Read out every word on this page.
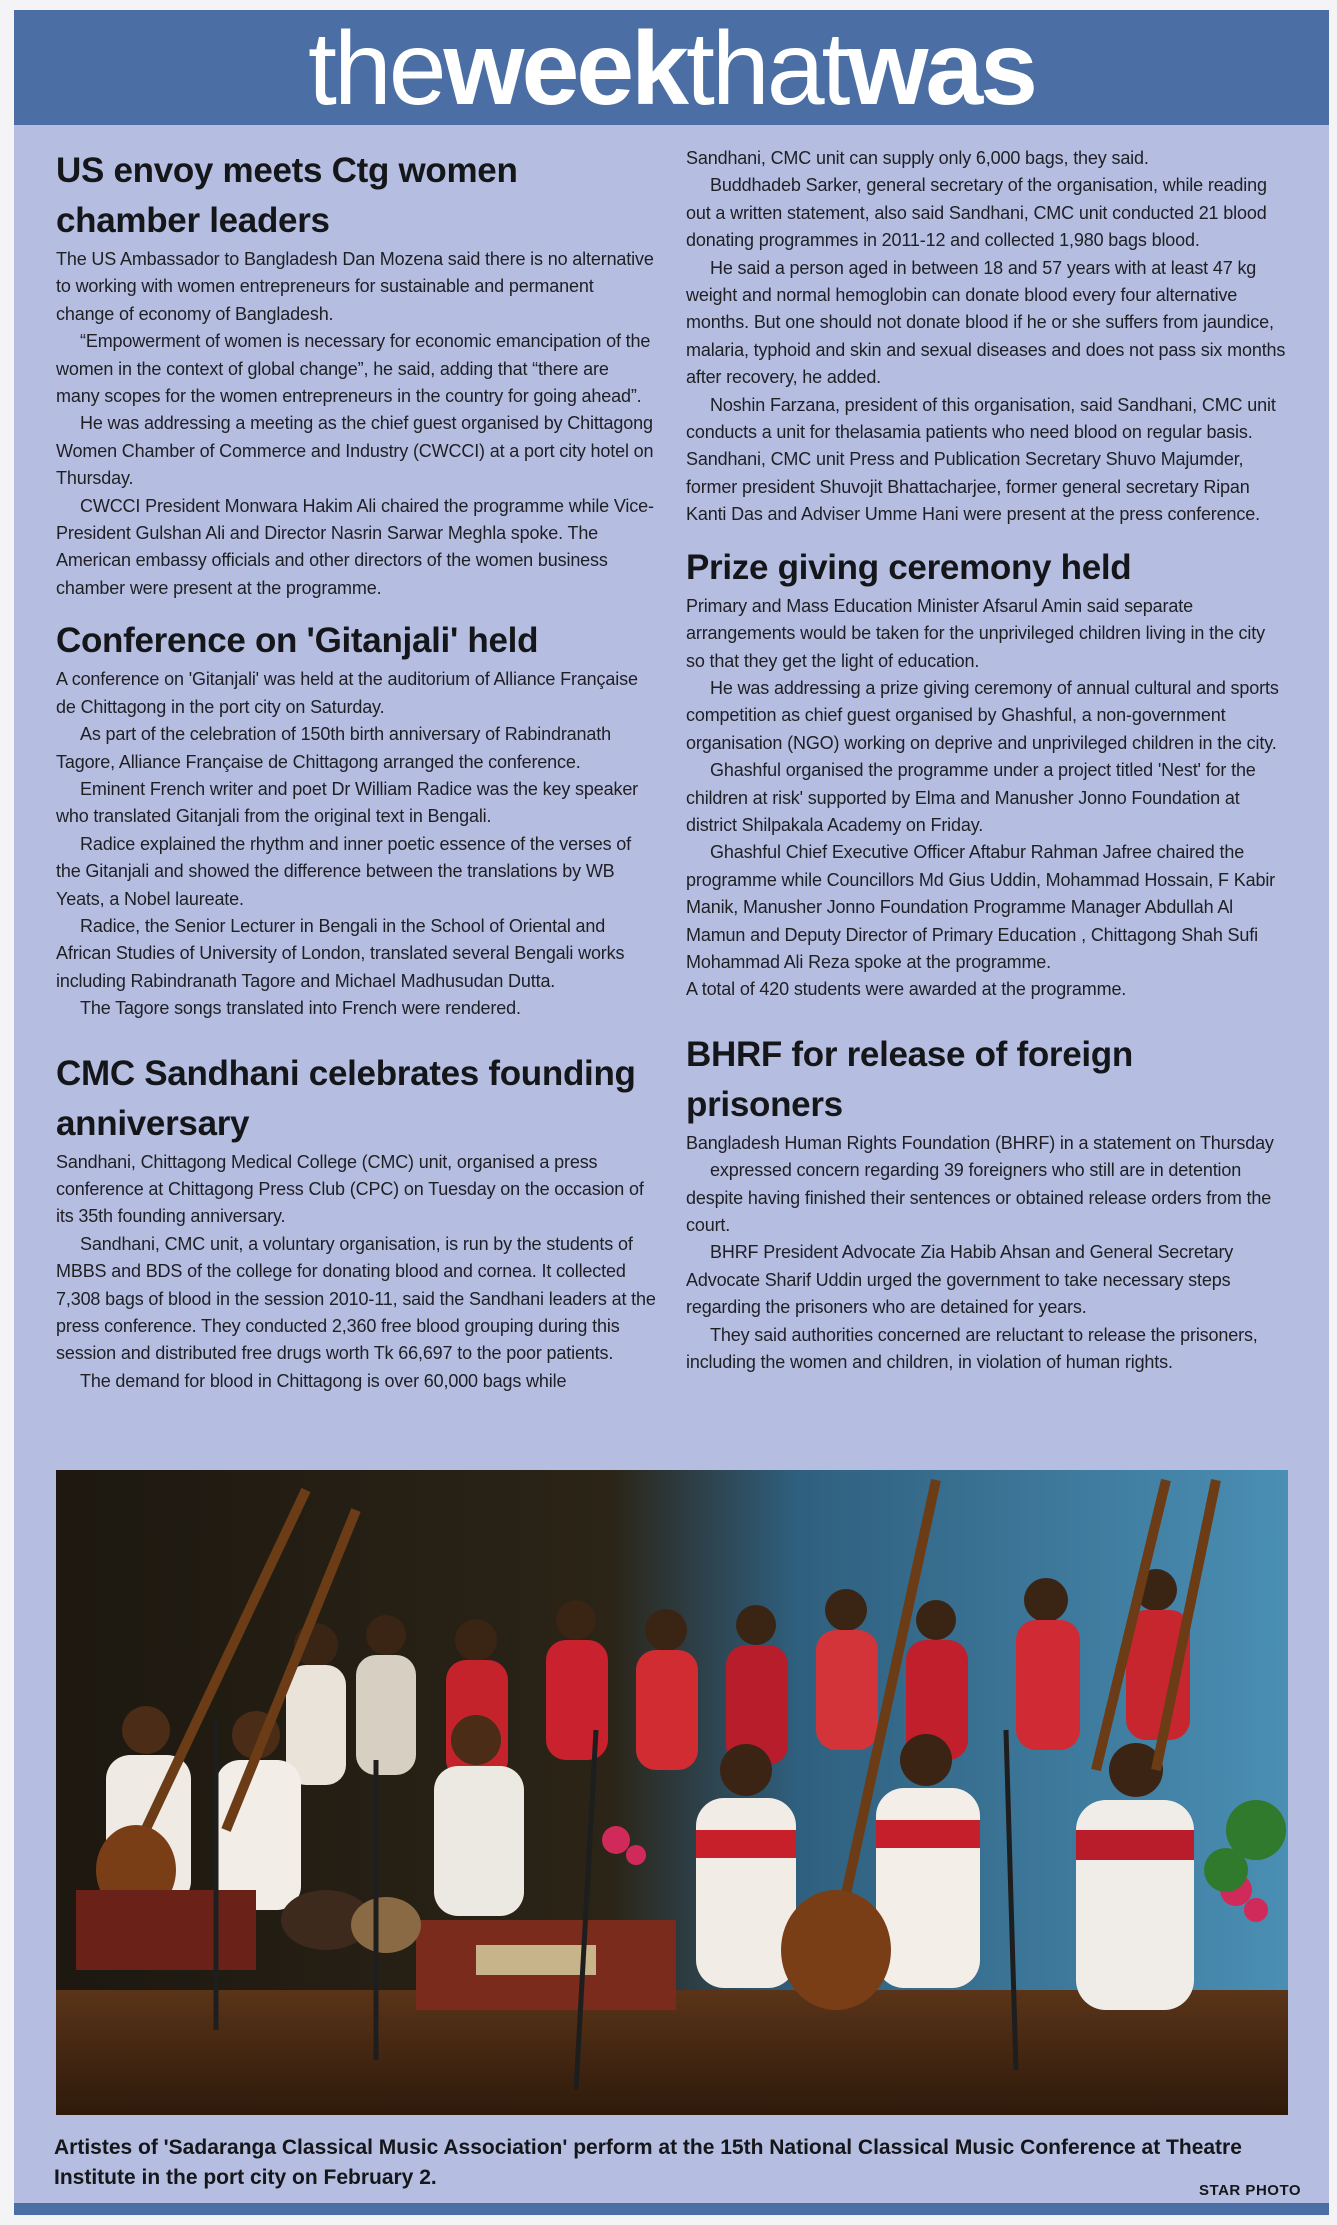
theweekthatwas
US envoy meets Ctg women
chamber leaders

The US Ambassador to Bangladesh Dan Mozena said there is no alternative to working with women entrepreneurs for sustainable and permanent change of economy of Bangladesh.

“Empowerment of women is necessary for economic emancipation of the women in the context of global change”, he said, adding that “there are many scopes for the women entrepreneurs in the country for going ahead”.

He was addressing a meeting as the chief guest organised by Chittagong Women Chamber of Commerce and Industry (CWCCI) at a port city hotel on Thursday.

CWCCI President Monwara Hakim Ali chaired the programme while Vice-President Gulshan Ali and Director Nasrin Sarwar Meghla spoke. The American embassy officials and other directors of the women business chamber were present at the programme.

Conference on 'Gitanjali' held

A conference on 'Gitanjali' was held at the auditorium of Alliance Française de Chittagong in the port city on Saturday.

As part of the celebration of 150th birth anniversary of Rabindranath Tagore, Alliance Française de Chittagong arranged the conference.

Eminent French writer and poet Dr William Radice was the key speaker who translated Gitanjali from the original text in Bengali.

Radice explained the rhythm and inner poetic essence of the verses of the Gitanjali and showed the difference between the translations by WB Yeats, a Nobel laureate.

Radice, the Senior Lecturer in Bengali in the School of Oriental and African Studies of University of London, translated several Bengali works including Rabindranath Tagore and Michael Madhusudan Dutta.

The Tagore songs translated into French were rendered.

CMC Sandhani celebrates founding
anniversary

Sandhani, Chittagong Medical College (CMC) unit, organised a press conference at Chittagong Press Club (CPC) on Tuesday on the occasion of its 35th founding anniversary.

Sandhani, CMC unit, a voluntary organisation, is run by the students of MBBS and BDS of the college for donating blood and cornea. It collected 7,308 bags of blood in the session 2010-11, said the Sandhani leaders at the press conference. They conducted 2,360 free blood grouping during this session and distributed free drugs worth Tk 66,697 to the poor patients.

The demand for blood in Chittagong is over 60,000 bags while

Sandhani, CMC unit can supply only 6,000 bags, they said.

Buddhadeb Sarker, general secretary of the organisation, while reading out a written statement, also said Sandhani, CMC unit conducted 21 blood donating programmes in 2011-12 and collected 1,980 bags blood.

He said a person aged in between 18 and 57 years with at least 47 kg weight and normal hemoglobin can donate blood every four alternative months. But one should not donate blood if he or she suffers from jaundice, malaria, typhoid and skin and sexual diseases and does not pass six months after recovery, he added.

Noshin Farzana, president of this organisation, said Sandhani, CMC unit conducts a unit for thelasamia patients who need blood on regular basis.

Sandhani, CMC unit Press and Publication Secretary Shuvo Majumder, former president Shuvojit Bhattacharjee, former general secretary Ripan Kanti Das and Adviser Umme Hani were present at the press conference.

Prize giving ceremony held

Primary and Mass Education Minister Afsarul Amin said separate arrangements would be taken for the unprivileged children living in the city so that they get the light of education.

He was addressing a prize giving ceremony of annual cultural and sports competition as chief guest organised by Ghashful, a non-government organisation (NGO) working on deprive and unprivileged children in the city.

Ghashful organised the programme under a project titled 'Nest' for the children at risk' supported by Elma and Manusher Jonno Foundation at district Shilpakala Academy on Friday.

Ghashful Chief Executive Officer Aftabur Rahman Jafree chaired the programme while Councillors Md Gius Uddin, Mohammad Hossain, F Kabir Manik, Manusher Jonno Foundation Programme Manager Abdullah Al Mamun and Deputy Director of Primary Education , Chittagong Shah Sufi Mohammad Ali Reza spoke at the programme.

A total of 420 students were awarded at the programme.

BHRF for release of foreign
prisoners

Bangladesh Human Rights Foundation (BHRF) in a statement on Thursday

expressed concern regarding 39 foreigners who still are in detention despite having finished their sentences or obtained release orders from the court.

BHRF President Advocate Zia Habib Ahsan and General Secretary Advocate Sharif Uddin urged the government to take necessary steps regarding the prisoners who are detained for years.

They said authorities concerned are reluctant to release the prisoners, including the women and children, in violation of human rights.

Artistes of 'Sadaranga Classical Music Association' perform at the 15th National Classical Music Conference at Theatre Institute in the port city on February 2.
STAR PHOTO
